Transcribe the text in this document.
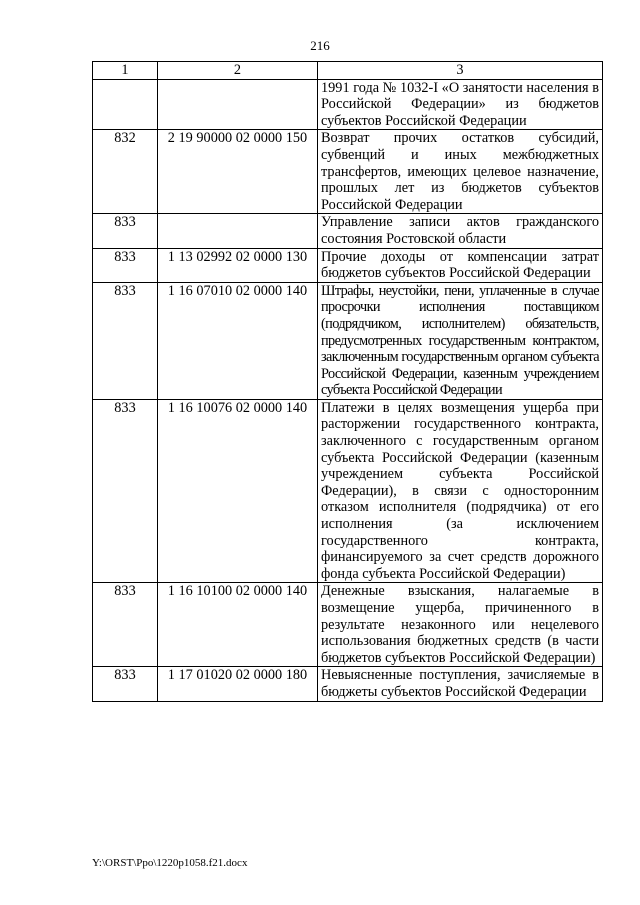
216
1	2	3
		1991 года № 1032-I «О занятости населения в Российской Федерации» из бюджетов субъектов Российской Федерации
832	2 19 90000 02 0000 150	Возврат прочих остатков субсидий, субвенций и иных межбюджетных трансфертов, имеющих целевое назначение, прошлых лет из бюджетов субъектов Российской Федерации
833		Управление записи актов гражданского состояния Ростовской области
833	1 13 02992 02 0000 130	Прочие доходы от компенсации затрат бюджетов субъектов Российской Федерации
833	1 16 07010 02 0000 140	Штрафы, неустойки, пени, уплаченные в случае просрочки исполнения поставщиком (подрядчиком, исполнителем) обязательств, предусмотренных государственным контрактом, заключенным государственным органом субъекта Российской Федерации, казенным учреждением субъекта Российской Федерации
833	1 16 10076 02 0000 140	Платежи в целях возмещения ущерба при расторжении государственного контракта, заключенного с государственным органом субъекта Российской Федерации (казенным учреждением субъекта Российской Федерации), в связи с односторонним отказом исполнителя (подрядчика) от его исполнения (за исключением государственного контракта, финансируемого за счет средств дорожного фонда субъекта Российской Федерации)
833	1 16 10100 02 0000 140	Денежные взыскания, налагаемые в возмещение ущерба, причиненного в результате незаконного или нецелевого использования бюджетных средств (в части бюджетов субъектов Российской Федерации)
833	1 17 01020 02 0000 180	Невыясненные поступления, зачисляемые в бюджеты субъектов Российской Федерации
Y:\ORST\Ppo\1220p1058.f21.docx
